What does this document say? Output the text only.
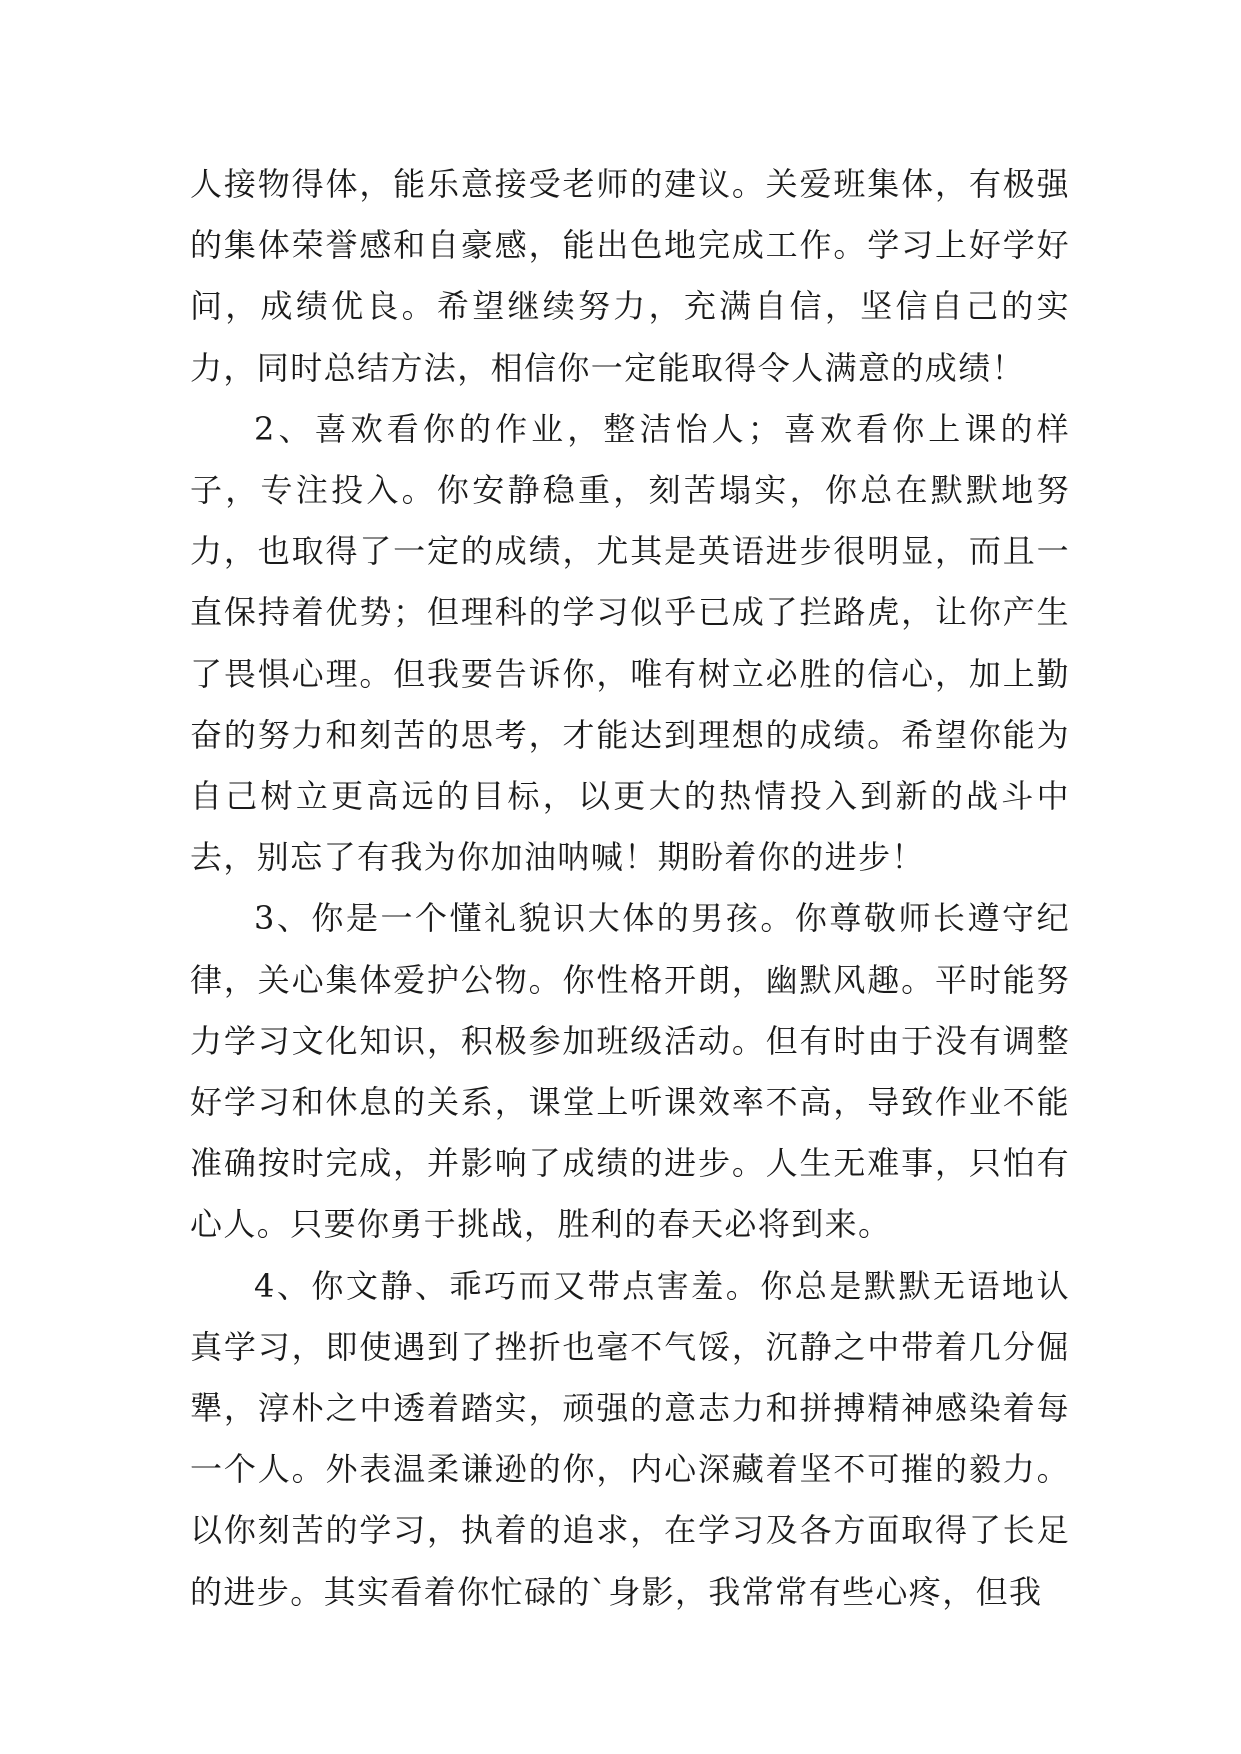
人接物得体，能乐意接受老师的建议。关爱班集体，有极强的集体荣誉感和自豪感，能出色地完成工作。学习上好学好问，成绩优良。希望继续努力，充满自信，坚信自己的实力，同时总结方法，相信你一定能取得令人满意的成绩！

2、喜欢看你的作业，整洁怡人；喜欢看你上课的样子，专注投入。你安静稳重，刻苦塌实，你总在默默地努力，也取得了一定的成绩，尤其是英语进步很明显，而且一直保持着优势；但理科的学习似乎已成了拦路虎，让你产生了畏惧心理。但我要告诉你，唯有树立必胜的信心，加上勤奋的努力和刻苦的思考，才能达到理想的成绩。希望你能为自己树立更高远的目标，以更大的热情投入到新的战斗中去，别忘了有我为你加油呐喊！期盼着你的进步！

3、你是一个懂礼貌识大体的男孩。你尊敬师长遵守纪律，关心集体爱护公物。你性格开朗，幽默风趣。平时能努力学习文化知识，积极参加班级活动。但有时由于没有调整好学习和休息的关系，课堂上听课效率不高，导致作业不能准确按时完成，并影响了成绩的进步。人生无难事，只怕有心人。只要你勇于挑战，胜利的春天必将到来。

4、你文静、乖巧而又带点害羞。你总是默默无语地认真学习，即使遇到了挫折也毫不气馁，沉静之中带着几分倔犟，淳朴之中透着踏实，顽强的意志力和拼搏精神感染着每一个人。外表温柔谦逊的你，内心深藏着坚不可摧的毅力。以你刻苦的学习，执着的追求，在学习及各方面取得了长足的进步。其实看着你忙碌的`身影，我常常有些心疼，但我
